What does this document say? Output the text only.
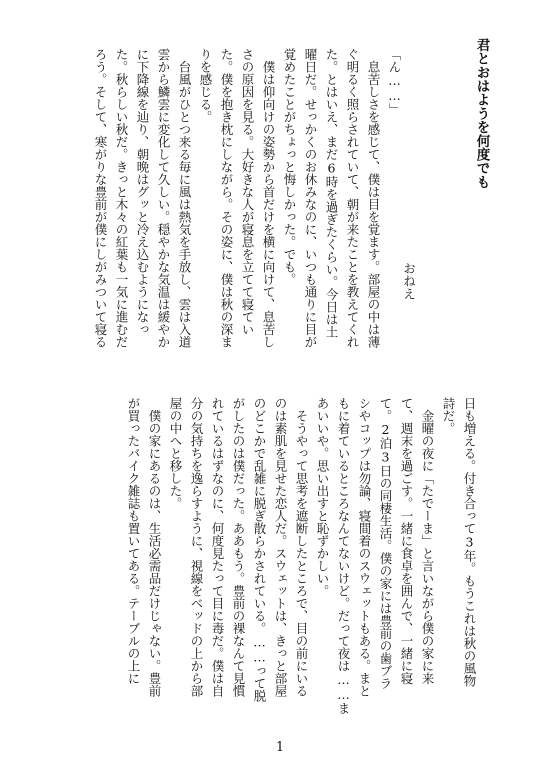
君とおはようを何度でも

おねえ

「ん……」

　息苦しさを感じて、僕は目を覚ます。部屋の中は薄

ぐ明るく照らされていて、朝が来たことを教えてくれ

た。とはいえ、まだ6時を過ぎたくらい。今日は土

曜日だ。せっかくのお休みなのに、いつも通りに目が

覚めたことがちょっと悔しかった。でも。

　僕は仰向けの姿勢から首だけを横に向けて、息苦し

さの原因を見る。大好きな人が寝息を立てて寝てい

た。僕を抱き枕にしながら。その姿に、僕は秋の深ま

りを感じる。

　台風がひとつ来る毎に風は熱気を手放し、雲は入道

雲から鱗雲に変化して久しい。穏やかな気温は緩やか

に下降線を辿り、朝晩はグッと冷え込むようになっ

た。秋らしい秋だ。きっと木々の紅葉も一気に進むだ

ろう。そして、寒がりな豊前が僕にしがみついて寝る

日も増える。付き合って3年。もうこれは秋の風物

詩だ。

　金曜の夜に「たでーま」と言いながら僕の家に来

て、週末を過ごす。一緒に食卓を囲んで、一緒に寝

て。2泊3日の同棲生活。僕の家には豊前の歯ブラ

シやコップは勿論、寝間着のスウェットもある。まと

もに着ているところなんてないけど。だって夜は……ま

あいいや。思い出すと恥ずかしい。

　そうやって思考を遮断したところで、目の前にいる

のは素肌を見せた恋人だ。スウェットは、きっと部屋

のどこかで乱雑に脱ぎ散らかされている。……って脱

がしたのは僕だった。ああもう。豊前の裸なんて見慣

れているはずなのに、何度見たって目に毒だ。僕は自

分の気持ちを逸らすように、視線をベッドの上から部

屋の中へと移した。

　僕の家にあるのは、生活必需品だけじゃない。豊前

が買ったバイク雑誌も置いてある。テーブルの上に

1
